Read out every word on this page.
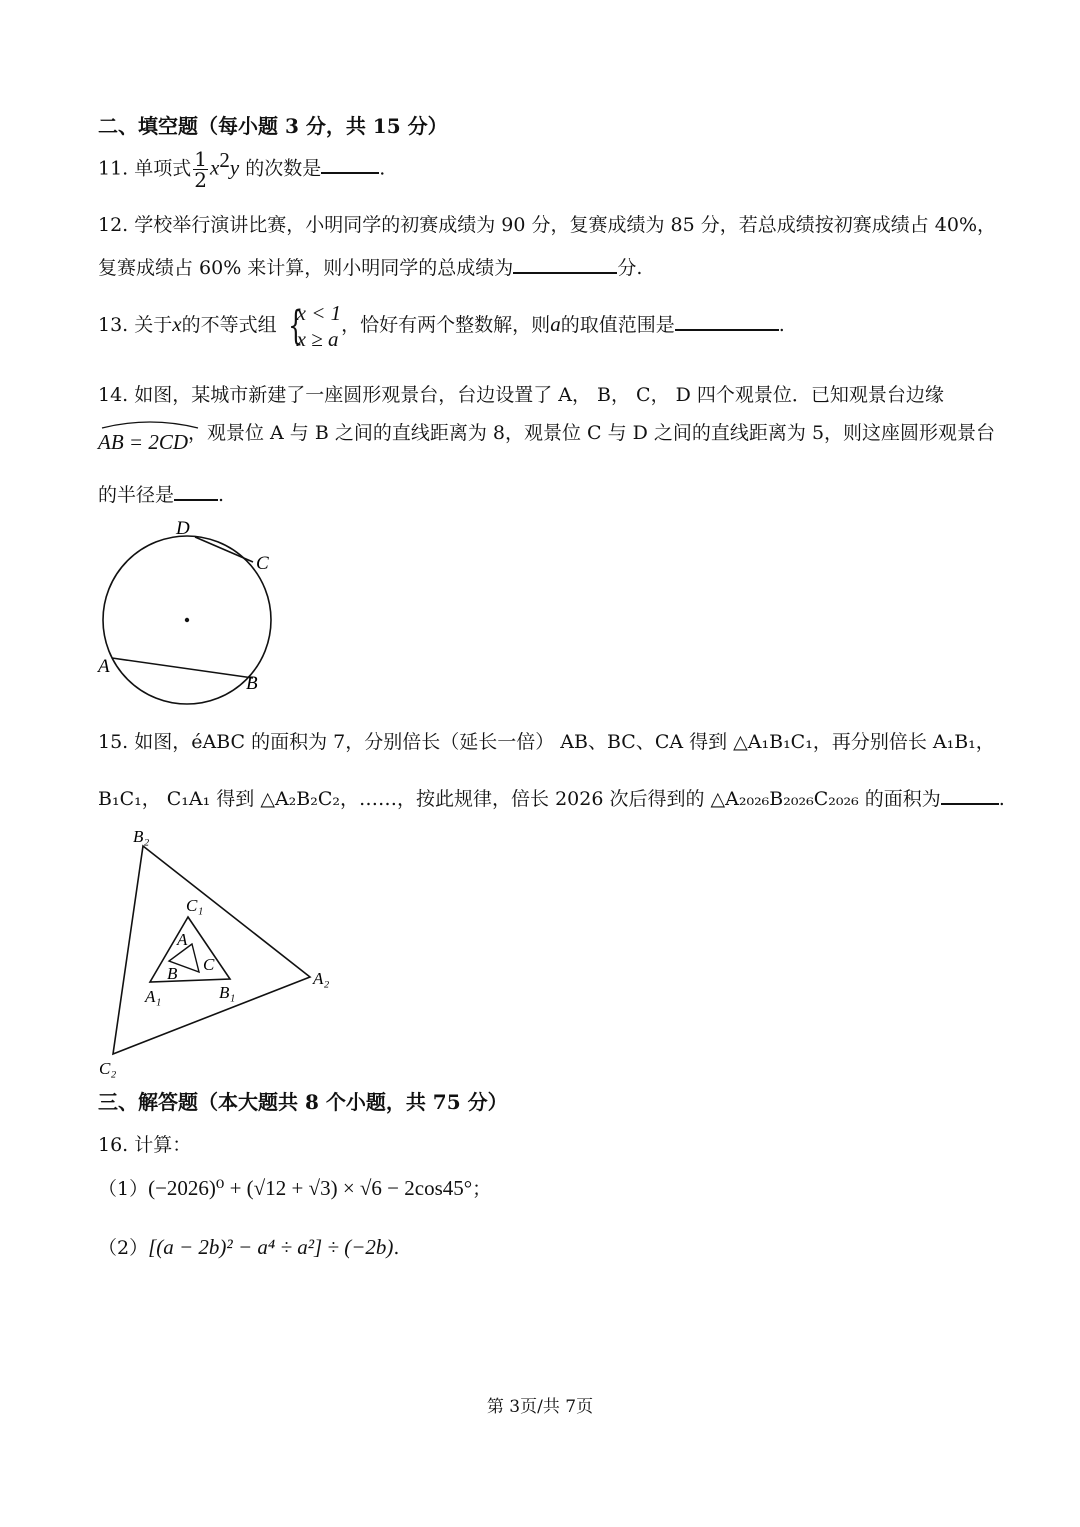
二、填空题（每小题 3 分，共 15 分）
11. 单项式 $\frac{1}{2} x^2y$ 的次数是	.
12. 学校举行演讲比赛，小明同学的初赛成绩为 90 分，复赛成绩为 85 分，若总成绩按初赛成绩占 40%，
复赛成绩占 60% 来计算，则小明同学的总成绩为	分.
13. 关于x的不等式组 {
x < 1
x ≥ a
，恰好有两个整数解，则a的取值范围是	.
14. 如图，某城市新建了一座圆形观景台，台边设置了 A， B， C， D 四个观景位．已知观景台边缘
AB = 2CD，观景位 A 与 B 之间的直线距离为 8，观景位 C 与 D 之间的直线距离为 5，则这座圆形观景台
的半径是 .
D
C
A
B
15. 如图，éABC 的面积为 7，分别倍长（延长一倍） AB、BC、CA 得到 △A₁B₁C₁，再分别倍长 A₁B₁，
B₁C₁， C₁A₁ 得到 △A₂B₂C₂，……，按此规律，倍长 2026 次后得到的 △A₂₀₂₆B₂₀₂₆C₂₀₂₆ 的面积为	.
B₂
C₁
A
C
B
A₁	B₁
A₂
C₂
三、解答题（本大题共 8 个小题，共 75 分）
16. 计算：
（1）(−2026)⁰ + (√12 + √3) × √6 − 2cos45°；
（2）[(a − 2b)² − a⁴ ÷ a²] ÷ (−2b).
第 3页/共 7页
